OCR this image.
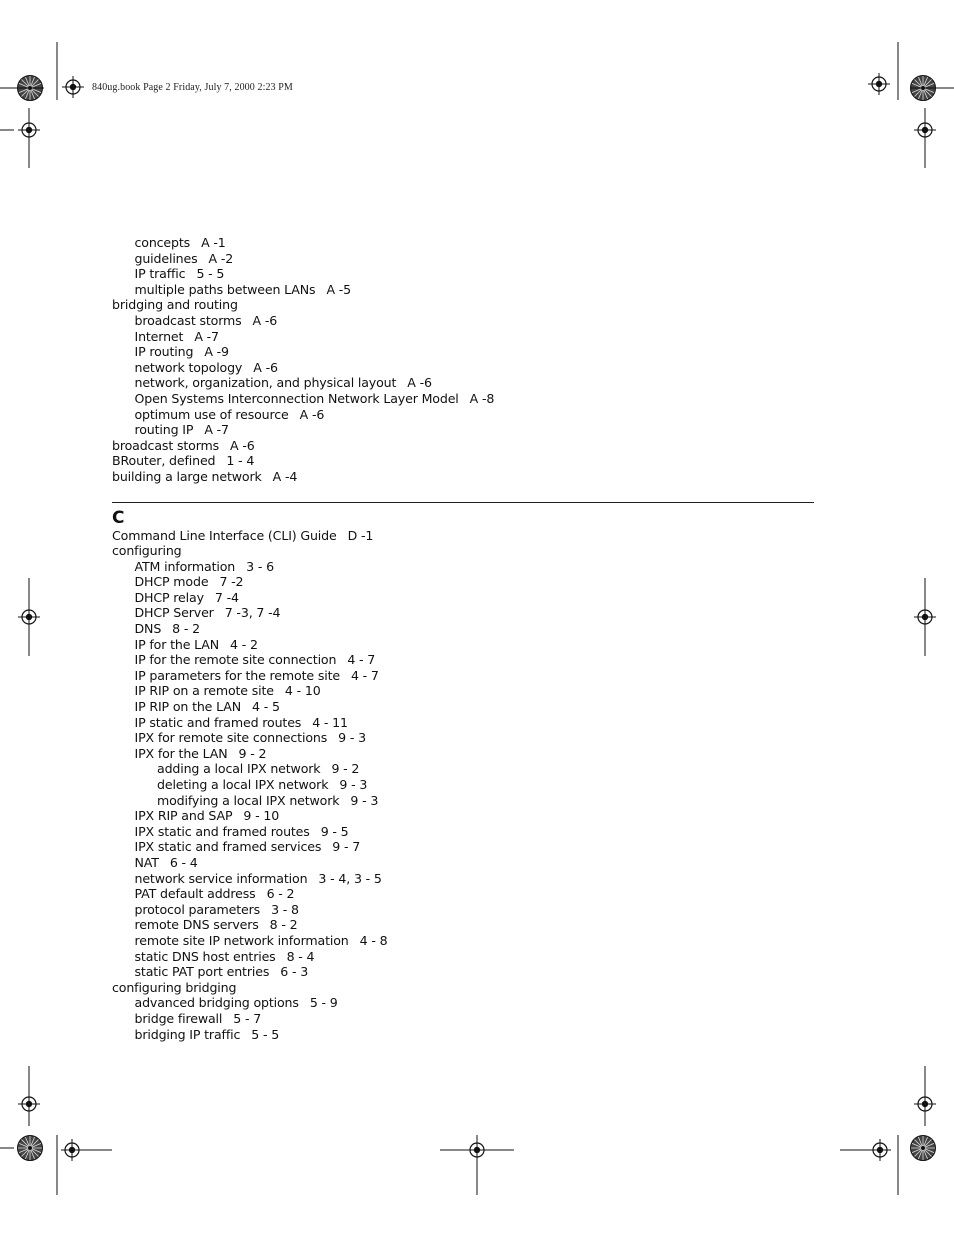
840ug.book Page 2 Friday, July 7, 2000 2:23 PM
concepts A -1
guidelines A -2
IP traffic 5 - 5
multiple paths between LANs A -5
bridging and routing
broadcast storms A -6
Internet A -7
IP routing A -9
network topology A -6
network, organization, and physical layout A -6
Open Systems Interconnection Network Layer Model A -8
optimum use of resource A -6
routing IP A -7
broadcast storms A -6
BRouter, defined 1 - 4
building a large network A -4
C
Command Line Interface (CLI) Guide D -1
configuring
ATM information 3 - 6
DHCP mode 7 -2
DHCP relay 7 -4
DHCP Server 7 -3, 7 -4
DNS 8 - 2
IP for the LAN 4 - 2
IP for the remote site connection 4 - 7
IP parameters for the remote site 4 - 7
IP RIP on a remote site 4 - 10
IP RIP on the LAN 4 - 5
IP static and framed routes 4 - 11
IPX for remote site connections 9 - 3
IPX for the LAN 9 - 2
adding a local IPX network 9 - 2
deleting a local IPX network 9 - 3
modifying a local IPX network 9 - 3
IPX RIP and SAP 9 - 10
IPX static and framed routes 9 - 5
IPX static and framed services 9 - 7
NAT 6 - 4
network service information 3 - 4, 3 - 5
PAT default address 6 - 2
protocol parameters 3 - 8
remote DNS servers 8 - 2
remote site IP network information 4 - 8
static DNS host entries 8 - 4
static PAT port entries 6 - 3
configuring bridging
advanced bridging options 5 - 9
bridge firewall 5 - 7
bridging IP traffic 5 - 5
